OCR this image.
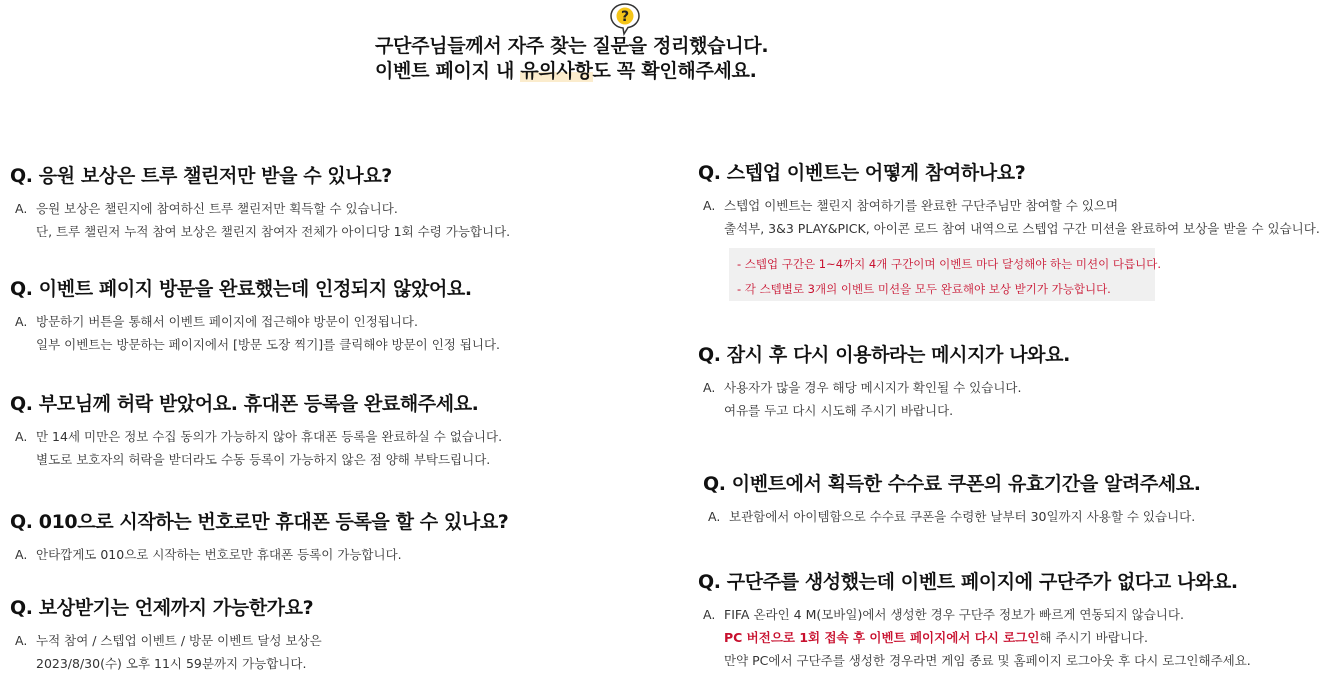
?
구단주님들께서 자주 찾는 질문을 정리했습니다.
이벤트 페이지 내 유의사항도 꼭 확인해주세요.
Q. 응원 보상은 트루 챌린저만 받을 수 있나요?
A. 응원 보상은 챌린지에 참여하신 트루 챌린저만 획득할 수 있습니다.
단, 트루 챌린저 누적 참여 보상은 챌린지 참여자 전체가 아이디당 1회 수령 가능합니다.
Q. 이벤트 페이지 방문을 완료했는데 인정되지 않았어요.
A. 방문하기 버튼을 통해서 이벤트 페이지에 접근해야 방문이 인정됩니다.
일부 이벤트는 방문하는 페이지에서 [방문 도장 찍기]를 클릭해야 방문이 인정 됩니다.
Q. 부모님께 허락 받았어요. 휴대폰 등록을 완료해주세요.
A. 만 14세 미만은 정보 수집 동의가 가능하지 않아 휴대폰 등록을 완료하실 수 없습니다.
별도로 보호자의 허락을 받더라도 수동 등록이 가능하지 않은 점 양해 부탁드립니다.
Q. 010으로 시작하는 번호로만 휴대폰 등록을 할 수 있나요?
A. 안타깝게도 010으로 시작하는 번호로만 휴대폰 등록이 가능합니다.
Q. 보상받기는 언제까지 가능한가요?
A. 누적 참여 / 스텝업 이벤트 / 방문 이벤트 달성 보상은
2023/8/30(수) 오후 11시 59분까지 가능합니다.
Q. 스텝업 이벤트는 어떻게 참여하나요?
A. 스텝업 이벤트는 챌린지 참여하기를 완료한 구단주님만 참여할 수 있으며
출석부, 3&3 PLAY&PICK, 아이콘 로드 참여 내역으로 스텝업 구간 미션을 완료하여 보상을 받을 수 있습니다.
- 스텝업 구간은 1~4까지 4개 구간이며 이벤트 마다 달성해야 하는 미션이 다릅니다.
- 각 스텝별로 3개의 이벤트 미션을 모두 완료해야 보상 받기가 가능합니다.
Q. 잠시 후 다시 이용하라는 메시지가 나와요.
A. 사용자가 많을 경우 해당 메시지가 확인될 수 있습니다.
여유를 두고 다시 시도해 주시기 바랍니다.
Q. 이벤트에서 획득한 수수료 쿠폰의 유효기간을 알려주세요.
A. 보관함에서 아이템함으로 수수료 쿠폰을 수령한 날부터 30일까지 사용할 수 있습니다.
Q. 구단주를 생성했는데 이벤트 페이지에 구단주가 없다고 나와요.
A. FIFA 온라인 4 M(모바일)에서 생성한 경우 구단주 정보가 빠르게 연동되지 않습니다.
PC 버전으로 1회 접속 후 이벤트 페이지에서 다시 로그인해 주시기 바랍니다.
만약 PC에서 구단주를 생성한 경우라면 게임 종료 및 홈페이지 로그아웃 후 다시 로그인해주세요.
